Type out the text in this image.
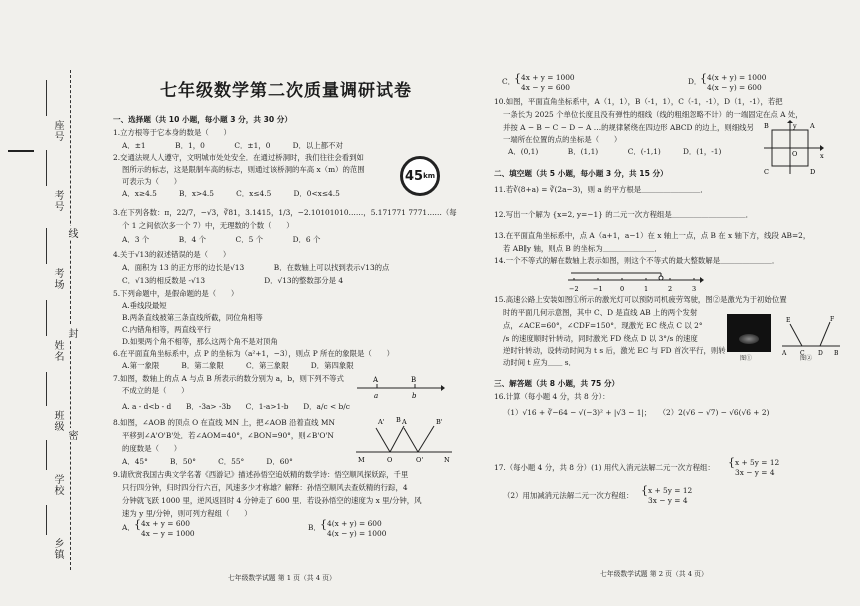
座号
考号
考场
姓名
班级
学校
乡镇
线
封
密
七年级数学第二次质量调研试卷
一、选择题（共 10 小题，每小题 3 分，共 30 分）
1.立方根等于它本身的数是（　　）
A．±1　　　　B．1，0　　　　C．±1，0　　　D．以上都不对
2.交通法规人人遵守，文明城市处处安全．在通过桥洞时，我们往往会看到如
图所示的标志，这是限制车高的标志，则通过该桥洞的车高 x（m）的范围
可表示为（　　）
A．x≥4.5　　　B．x>4.5　　　C．x≤4.5　　　D．0<x≤4.5
45 km
3.在下列各数：π，22/7，−√3，∛81，3.1415，1/3，−2.10101010……，5.171771 7771……（每
个 1 之间依次多一个 7）中，无理数的个数（　　）
A．3 个　　　　B．4 个　　　　C．5 个　　　　D．6 个
4.关于√13的叙述错误的是（　　）
A．面积为 13 的正方形的边长是√13　　　　B．在数轴上可以找到表示√13的点
C．√13的相反数是 -√13　　　　　　　　D．√13的整数部分是 4
5.下列命题中，是假命题的是（　　）
A.垂线段最短
B.两条直线被第三条直线所截，同位角相等
C.内错角相等，两直线平行
D.如果两个角不相等，那么这两个角不是对顶角
6.在平面直角坐标系中，点 P 的坐标为（a²+1，−3），则点 P 所在的象限是（　　）
A.第一象限　　　B．第二象限　　　C．第三象限　　　D．第四象限
7.如图，数轴上的点 A 与点 B 所表示的数分别为 a，b，则下列不等式
不成立的是（　　）
A. a - d<b - d　　B．-3a> -3b　　C．1-a>1-b　　D．a/c < b/c
A	B
a	b
8.如图，∠AOB 的顶点 O 在直线 MN 上，把∠AOB 沿着直线 MN
平移到∠A'O'B'处．若∠AOM=40°，∠BON=90°，则∠B'O'N
的度数是（　　）
A．45°　　　B．50°　　　C．55°　　　D．60°
A'	A
B	B'
M	O	O'	N
9.请欣赏我国古典文学名著《西游记》描述孙悟空追妖精的数学诗：悟空顺风探妖踪，千里
只行四分钟，归时四分行六百，风速多少才称雄？解释：孙悟空顺风去查妖精的行踪，4
分钟就飞跃 1000 里，逆风返回时 4 分钟走了 600 里．若设孙悟空的速度为 x 里/分钟，风
速为 y 里/分钟，则可列方程组（　　）
A． { 4x + y = 600
4x − y = 1000
B． { 4(x + y) = 600
4(x − y) = 1000
七年级数学试题 第 1 页（共 4 页）
C．
{ 4x + y = 1000
4x − y = 600
D．
{ 4(x + y) = 1000
4(x − y) = 600
10.如图，平面直角坐标系中，A（1，1），B（-1，1），C（-1，-1），D（1，-1），若把
一条长为 2025 个单位长度且没有弹性的细线（线的粗细忽略不计）的一端固定在点 A 处，
并按 A − B − C − D − A …的规律紧绕在四边形 ABCD 的边上，则细线另
一端所在位置的点的坐标是（　　）
A．(0,1)　　　　B．(1,1)　　　　C．(-1,1)　　　D．(1，-1)
B	A
O	x
C	D
y
二、填空题（共 5 小题，每小题 3 分，共 15 分）
11.若∛(8+a) = ∛(2a−3)，则 a 的平方根是＿＿＿＿＿＿＿＿．
12.写出一个解为 {x=2, y=−1} 的二元一次方程组是＿＿＿＿＿＿＿＿＿＿．
13.在平面直角坐标系中，点 A（a+1，a−1）在 x 轴上一点，点 B 在 x 轴下方，线段 AB=2，
若 AB∥y 轴，则点 B 的坐标为＿＿＿＿＿＿＿．
14.一个不等式的解在数轴上表示如图，则这个不等式的最大整数解是＿＿＿＿＿＿＿．
−2 −1	0	1	2	3
15.高速公路上安装如图①所示的激光灯可以预防司机疲劳驾驶，图②是激光为于初始位置
时的平面几何示意图，其中 C、D 是直线 AB 上的两个发射
点，∠ACE=60°，∠CDF=150°．现激光 EC 绕点 C 以 2°
/s 的速度顺时针转动，同时激光 FD 绕点 D 以 3°/s 的速度
逆时针转动，设转动时间为 t s 后，激光 EC 与 FD 首次平行，则转
动时间 t 应为＿＿ s．	图①
E	F
A C D B
图②
三、解答题（共 8 小题，共 75 分）
16.计算（每小题 4 分，共 8 分）：
（1）√16 + ∛−64 − √(−3)² + |√3 − 1|；　　（2）2(√6 − √7) − √6(√6 + 2)
17.（每小题 4 分，共 8 分）(1) 用代入消元法解二元一次方程组： { x + 5y = 12
3x − y = 4
（2）用加减消元法解二元一次方程组： { x + 5y = 12
3x − y = 4
七年级数学试题 第 2 页（共 4 页）
